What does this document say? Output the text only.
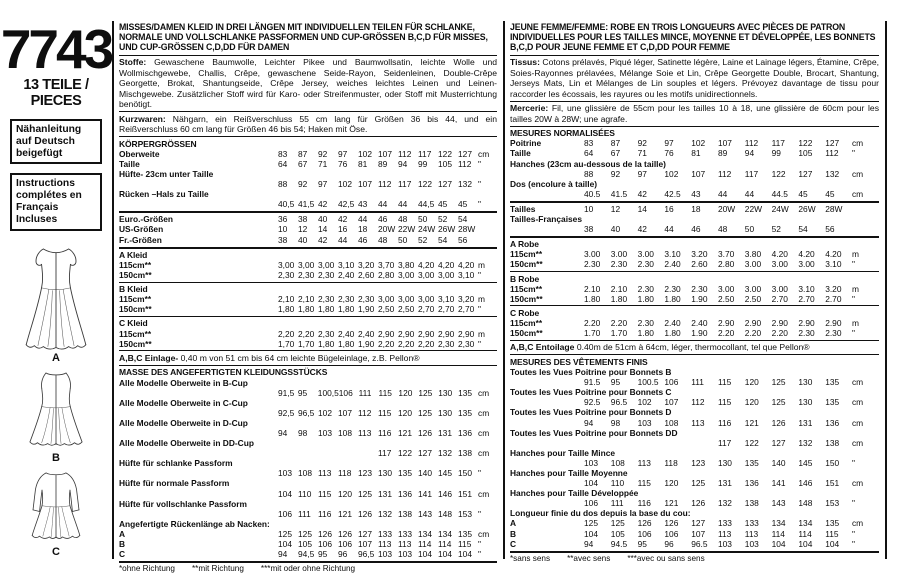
7743
13 TEILE / PIECES
Nähanleitung auf Deutsch beigefügt
Instructions complétes en Français Incluses
A
B
C
MISSES/DAMEN KLEID IN DREI LÄNGEN MIT INDIVIDUELLEN TEILEN FÜR SCHLANKE, NORMALE UND VOLLSCHLANKE PASSFORMEN UND CUP-GRÖSSEN B,C,D FÜR MISSES, UND CUP-GRÖSSEN C,D,DD FÜR DAMEN

Stoffe: Gewaschene Baumwolle, Leichter Pikee und Baumwollsatin, leichte Wolle und Wollmischgewebe, Challis, Crêpe, gewaschene Seide-Rayon, Seidenleinen, Double-Crêpe Georgette, Brokat, Shantungseide, Crêpe Jersey, weiches leichtes Leinen und Leinen-Mischgewebe. Zusätzlicher Stoff wird für Karo- oder Streifenmuster, oder Stoff mit Musterrichtung benötigt.

Kurzwaren: Nähgarn, ein Reißverschluss 55 cm lang für Größen 36 bis 44, und ein Reißverschluss 60 cm lang für Größen 46 bis 54; Haken mit Öse.

KÖRPERGRÖSSEN
Oberweite	83	87	92	97	102 107 112 117 122 127 cm
Taille	64	67	71	76	81	89	94	99	105 112 "
Hüfte- 23cm unter Taille
88	92	97	102 107 112 117 122 127 132 "
Rücken –Hals zu Taille
40,5 41,5 42	42,5 43	44	44	44,5 45	45	"
Euro.-Größen	36	38	40	42	44	46	48	50	52	54
US-Größen	10	12	14	16	18	20W 22W 24W 26W 28W
Fr.-Größen	38	40	42	44	46	48	50	52	54	56
A Kleid
115cm**	3,00 3,00 3,00 3,10 3,20 3,70 3,80 4,20 4,20 4,20 m
150cm**	2,30 2,30 2,30 2,40 2,60 2,80 3,00 3,00 3,00 3,10 "
B Kleid
115cm**	2,10 2,10 2,30 2,30 2,30 3,00 3,00 3,00 3,10 3,20 m
150cm**	1,80 1,80 1,80 1,80 1,90 2,50 2,50 2,70 2,70 2,70 "
C Kleid
115cm**	2,20 2,20 2,30 2,40 2,40 2,90 2,90 2,90 2,90 2,90 m
150cm**	1,70 1,70 1,80 1,80 1,90 2,20 2,20 2,20 2,30 2,30 "

A,B,C Einlage- 0,40 m von 51 cm bis 64 cm leichte Bügeleinlage, z.B. Pellon®

MASSE DES ANGEFERTIGTEN KLEIDUNGSSTÜCKS
Alle Modelle Oberweite in B-Cup
91,5 95	100,5 106 111 115 120 125 130 135 cm
Alle Modelle Oberweite in C-Cup
92,5 96,5 102 107 112 115 120 125 130 135 cm
Alle Modelle Oberweite in D-Cup
94	98	103 108 113 116 121 126 131 136 cm
Alle Modelle Oberweite in DD-Cup
117 122 127 132 138 cm
Hüfte für schlanke Passform
103 108 113 118 123 130 135 140 145 150 "
Hüfte für normale Passform
104 110 115 120 125 131 136 141 146 151 cm
Hüfte für vollschlanke Passform
106 111 116 121 126 132 138 143 148 153 "
Angefertigte Rückenlänge ab Nacken:
A	125 125 126 126 127 133 133 134 134 135 cm
B	104 105 106 106 107 113 113 114 114 115 "
C	94	94,5 95	96	96,5 103 103 104 104 104 "

*ohne Richtung **mit Richtung ***mit oder ohne Richtung

JEUNE FEMME/FEMME: ROBE EN TROIS LONGUEURS AVEC PIÈCES DE PATRON INDIVIDUELLES POUR LES TAILLES MINCE, MOYENNE ET DÉVELOPPÉE, LES BONNETS B,C,D POUR JEUNE FEMME ET C,D,DD POUR FEMME

Tissus: Cotons prélavés, Piqué léger, Satinette légère, Laine et Lainage légers, Étamine, Crêpe, Soies-Rayonnes prélavées, Mélange Soie et Lin, Crêpe Georgette Double, Brocart, Shantung, Jerseys Mats, Lin et Mélanges de Lin souples et légers. Prévoyez davantage de tissu pour raccorder les écossais, les rayures ou les motifs unidirectionnels.

Mercerie: Fil, une glissière de 55cm pour les tailles 10 à 18, une glissière de 60cm pour les tailles 20W à 28W; une agrafe.

MESURES NORMALISÉES
Poitrine	83	87	92	97	102	107	112	117	122	127	cm
Taille	64	67	71	76	81	89	94	99	105	112	"
Hanches (23cm au-dessous de la taille)
88	92	97	102	107	112	117	122	127	132	cm
Dos (encolure à taille)
40.5	41.5	42	42.5	43	44	44	44.5	45	45	cm
Tailles	10	12	14	16	18	20W	22W	24W	26W	28W
Tailles-Françaises
38	40	42	44	46	48	50	52	54	56
A Robe
115cm**	3.00	3.00	3.00	3.10	3.20	3.70	3.80	4.20	4.20	4.20	m
150cm**	2.30	2.30	2.30	2.40	2.60	2.80	3.00	3.00	3.00	3.10	"
B Robe
115cm**	2.10	2.10	2.30	2.30	2.30	3.00	3.00	3.00	3.10	3.20	m
150cm**	1.80	1.80	1.80	1.80	1.90	2.50	2.50	2.70	2.70	2.70	"
C Robe
115cm**	2.20	2.20	2.30	2.40	2.40	2.90	2.90	2.90	2.90	2.90	m
150cm**	1.70	1.70	1.80	1.80	1.90	2.20	2.20	2.20	2.30	2.30	"

A,B,C Entoilage 0.40m de 51cm à 64cm, léger, thermocollant, tel que Pellon®

MESURES DES VÊTEMENTS FINIS
Toutes les Vues Poitrine pour Bonnets B
91.5	95	100.5 106	111	115	120	125	130	135	cm
Toutes les Vues Poitrine pour Bonnets C
92.5	96.5	102	107	112	115	120	125	130	135	cm
Toutes les Vues Poitrine pour Bonnets D
94	98	103	108	113	116	121	126	131	136	cm
Toutes les Vues Poitrine pour Bonnets DD
117	122	127	132	138	cm
Hanches pour Taille Mince
103	108	113	118	123	130	135	140	145	150	"
Hanches pour Taille Moyenne
104	110	115	120	125	131	136	141	146	151	cm
Hanches pour Taille Développée
106	111	116	121	126	132	138	143	148	153	"
Longueur finie du dos depuis la base du cou:
A	125	125	126	126	127	133	133	134	134	135	cm
B	104	105	106	106	107	113	113	114	114	115	"
C	94	94.5	95	96	96.5	103	103	104	104	104	"

*sans sens **avec sens ***avec ou sans sens
